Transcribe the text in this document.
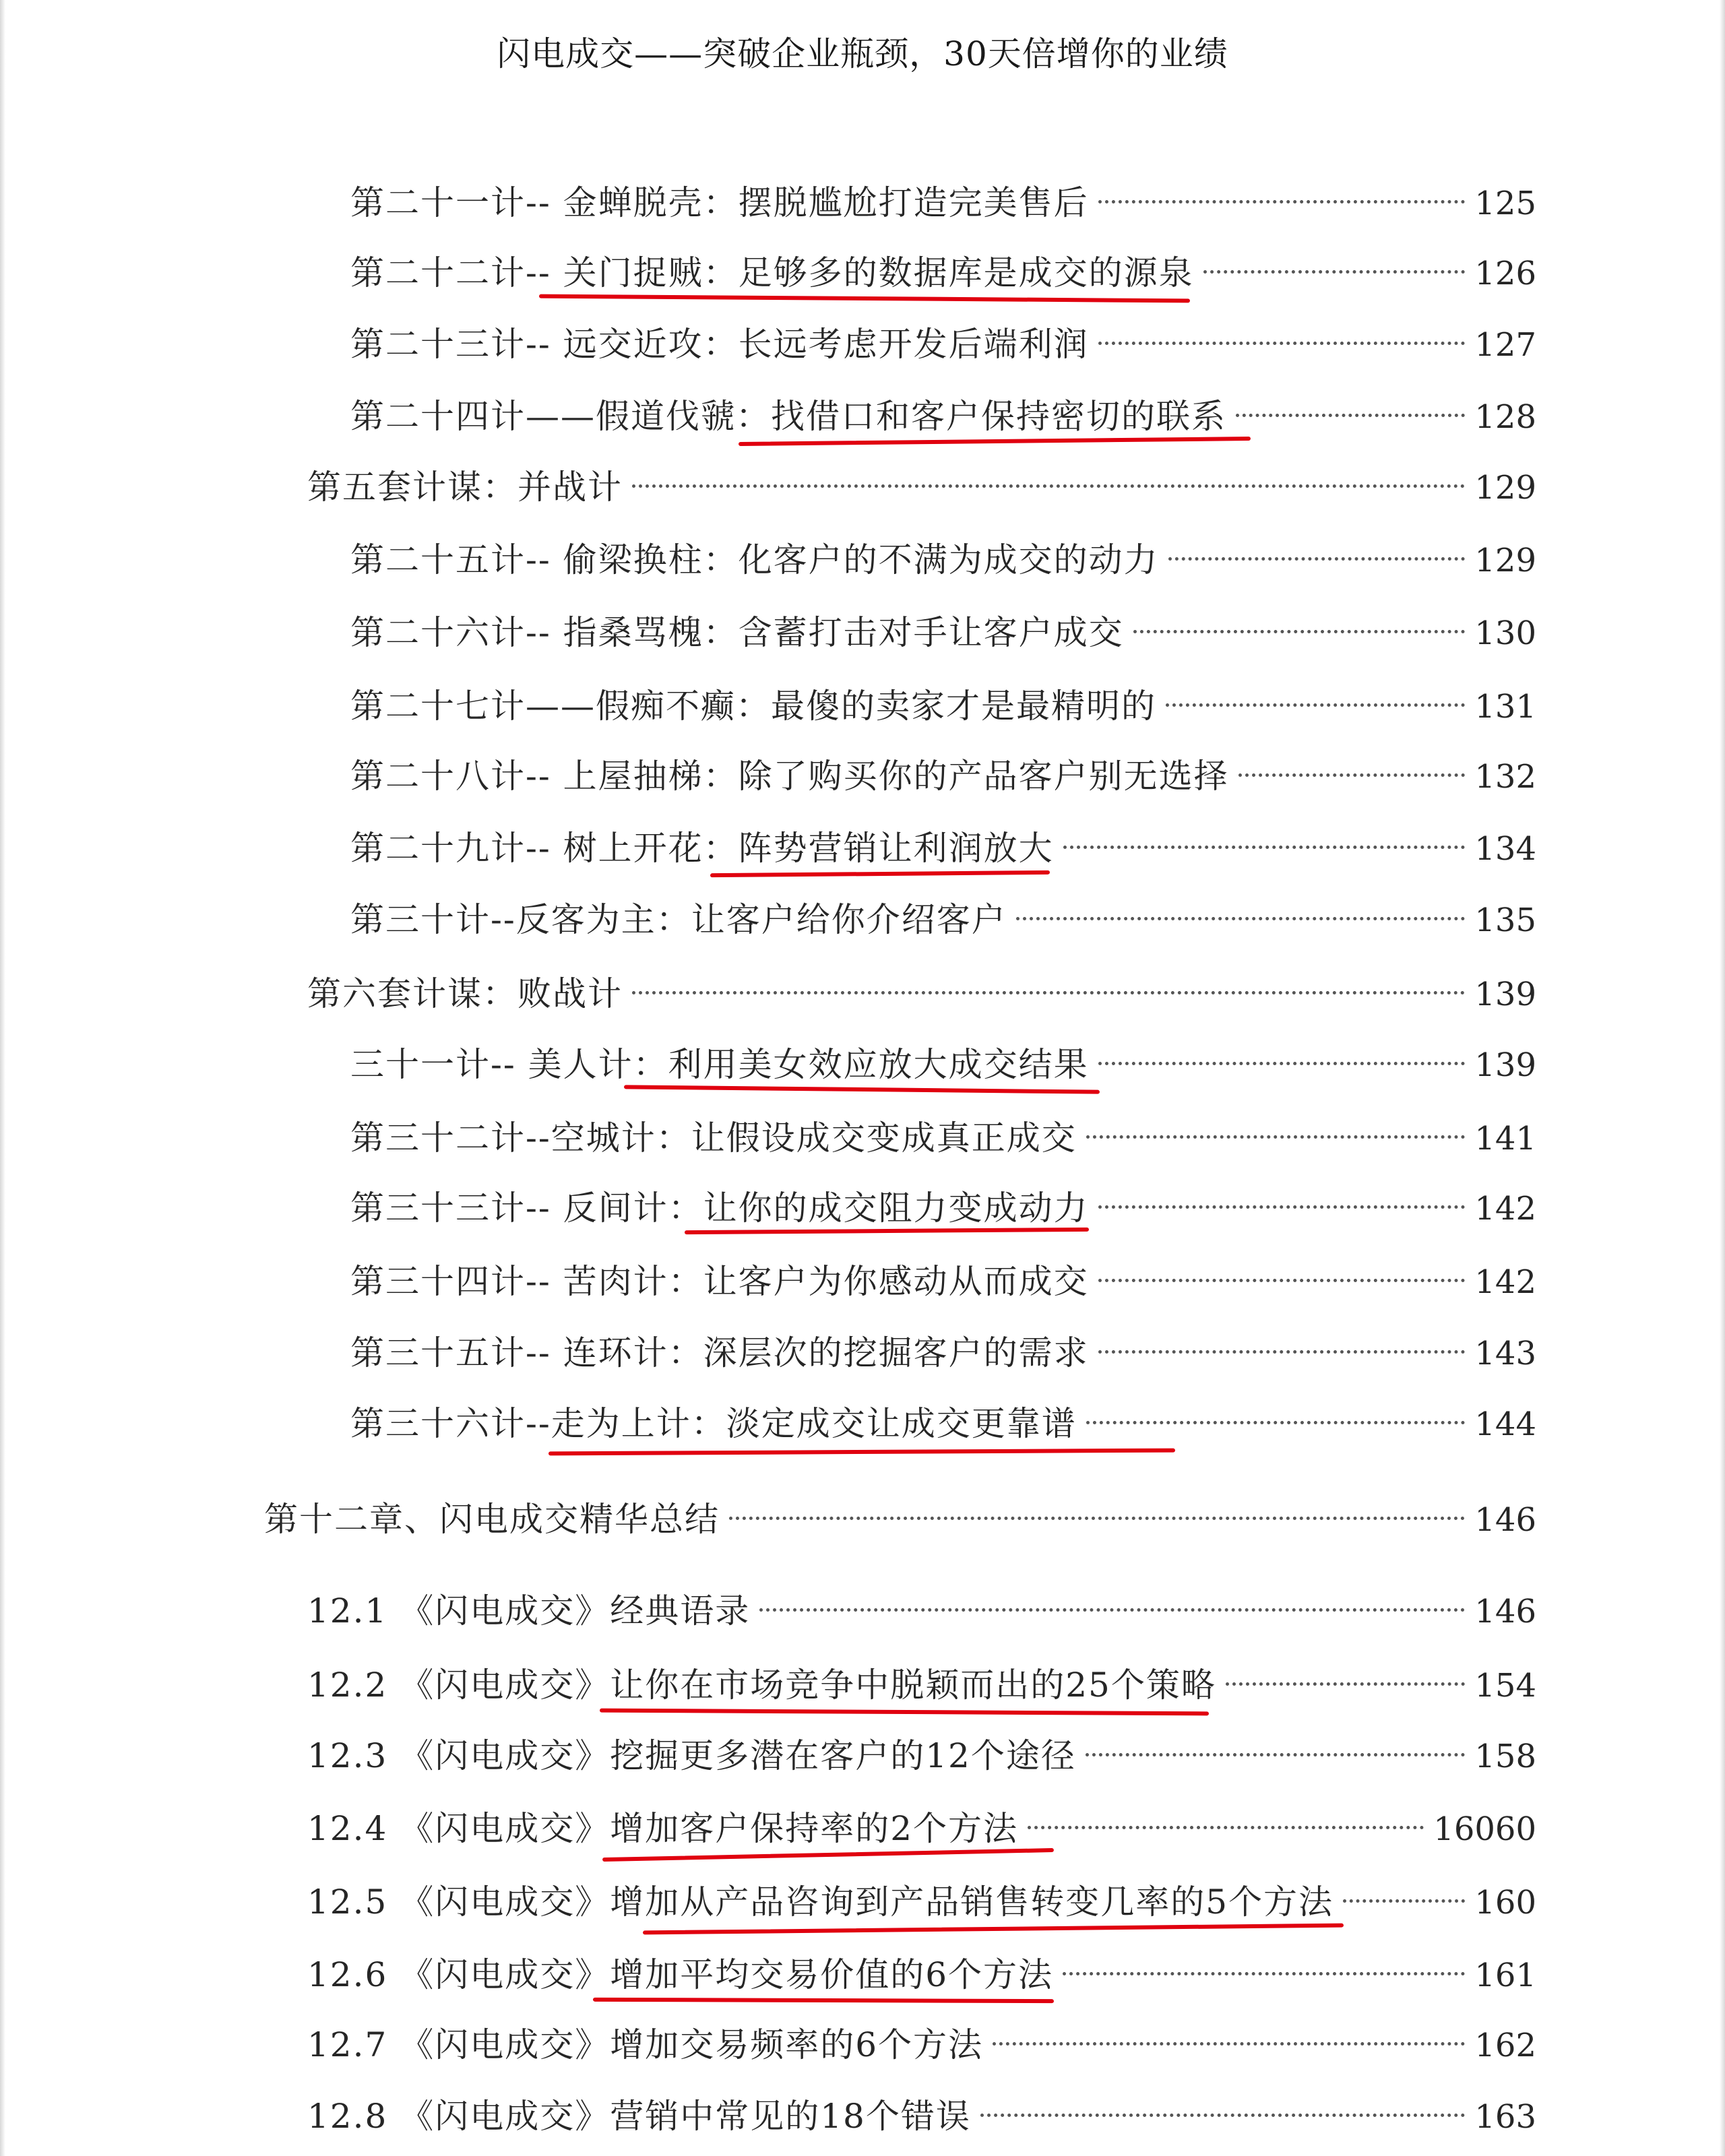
闪电成交——突破企业瓶颈，30天倍增你的业绩
第二十一计-- 金蝉脱壳：摆脱尴尬打造完美售后	125
第二十二计-- 关门捉贼：足够多的数据库是成交的源泉	126
第二十三计-- 远交近攻：长远考虑开发后端利润	127
第二十四计——假道伐虢：找借口和客户保持密切的联系	128
第五套计谋：并战计	129
第二十五计-- 偷梁换柱：化客户的不满为成交的动力	129
第二十六计-- 指桑骂槐：含蓄打击对手让客户成交	130
第二十七计——假痴不癫：最傻的卖家才是最精明的	131
第二十八计-- 上屋抽梯：除了购买你的产品客户别无选择	132
第二十九计-- 树上开花：阵势营销让利润放大	134
第三十计--反客为主：让客户给你介绍客户	135
第六套计谋：败战计	139
三十一计-- 美人计：利用美女效应放大成交结果	139
第三十二计--空城计：让假设成交变成真正成交	141
第三十三计-- 反间计：让你的成交阻力变成动力	142
第三十四计-- 苦肉计：让客户为你感动从而成交	142
第三十五计-- 连环计：深层次的挖掘客户的需求	143
第三十六计--走为上计：淡定成交让成交更靠谱	144
第十二章、闪电成交精华总结	146
12.1 《闪电成交》经典语录	146
12.2 《闪电成交》让你在市场竞争中脱颖而出的25个策略	154
12.3 《闪电成交》挖掘更多潜在客户的12个途径	158
12.4 《闪电成交》增加客户保持率的2个方法	16060
12.5 《闪电成交》增加从产品咨询到产品销售转变几率的5个方法	160
12.6 《闪电成交》增加平均交易价值的6个方法	161
12.7 《闪电成交》增加交易频率的6个方法	162
12.8 《闪电成交》营销中常见的18个错误	163
